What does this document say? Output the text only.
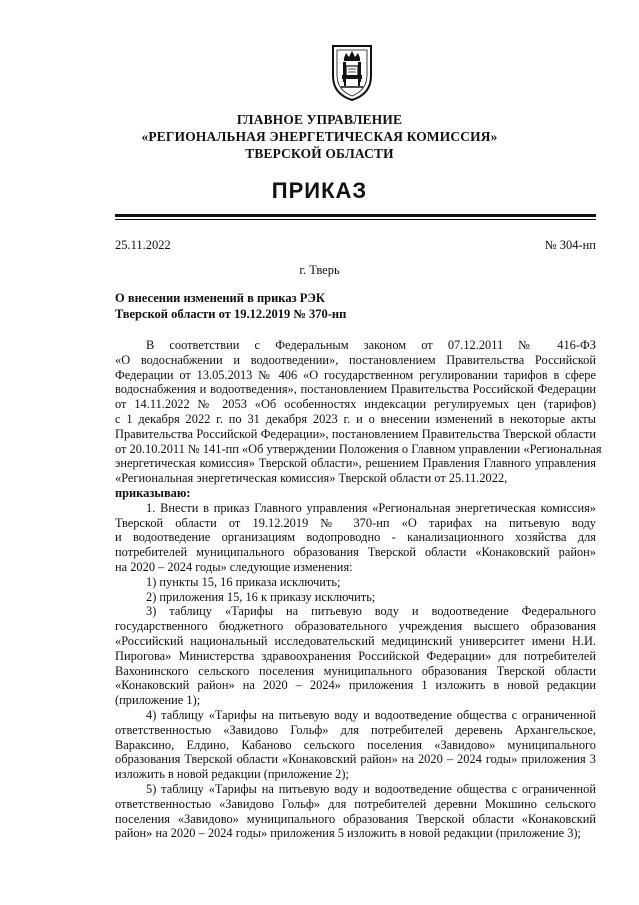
ГЛАВНОЕ УПРАВЛЕНИЕ
«РЕГИОНАЛЬНАЯ ЭНЕРГЕТИЧЕСКАЯ КОМИССИЯ»
ТВЕРСКОЙ ОБЛАСТИ
ПРИКАЗ
25.11.2022	№ 304-нп
г. Тверь
О внесении изменений в приказ РЭК
Тверской области от 19.12.2019 № 370-нп
В соответствии с Федеральным законом от 07.12.2011 № 416-ФЗ
«О водоснабжении и водоотведении», постановлением Правительства Российской
Федерации от 13.05.2013 № 406 «О государственном регулировании тарифов в сфере
водоснабжения и водоотведения», постановлением Правительства Российской Федерации
от 14.11.2022 № 2053 «Об особенностях индексации регулируемых цен (тарифов)
с 1 декабря 2022 г. по 31 декабря 2023 г. и о внесении изменений в некоторые акты
Правительства Российской Федерации», постановлением Правительства Тверской области
от 20.10.2011 № 141-пп «Об утверждении Положения о Главном управлении «Региональная
энергетическая комиссия» Тверской области», решением Правления Главного управления
«Региональная энергетическая комиссия» Тверской области от 25.11.2022,
приказываю:
1. Внести в приказ Главного управления «Региональная энергетическая комиссия»
Тверской области от 19.12.2019 № 370-нп «О тарифах на питьевую воду
и водоотведение организациям водопроводно - канализационного хозяйства для
потребителей муниципального образования Тверской области «Конаковский район»
на 2020 – 2024 годы» следующие изменения:
1) пункты 15, 16 приказа исключить;
2) приложения 15, 16 к приказу исключить;
3) таблицу «Тарифы на питьевую воду и водоотведение Федерального
государственного бюджетного образовательного учреждения высшего образования
«Российский национальный исследовательский медицинский университет имени Н.И.
Пирогова» Министерства здравоохранения Российской Федерации» для потребителей
Вахонинского сельского поселения муниципального образования Тверской области
«Конаковский район» на 2020 – 2024» приложения 1 изложить в новой редакции
(приложение 1);
4) таблицу «Тарифы на питьевую воду и водоотведение общества с ограниченной
ответственностью «Завидово Гольф» для потребителей деревень Архангельское,
Вараксино, Елдино, Кабаново сельского поселения «Завидово» муниципального
образования Тверской области «Конаковский район» на 2020 – 2024 годы» приложения 3
изложить в новой редакции (приложение 2);
5) таблицу «Тарифы на питьевую воду и водоотведение общества с ограниченной
ответственностью «Завидово Гольф» для потребителей деревни Мокшино сельского
поселения «Завидово» муниципального образования Тверской области «Конаковский
район» на 2020 – 2024 годы» приложения 5 изложить в новой редакции (приложение 3);
